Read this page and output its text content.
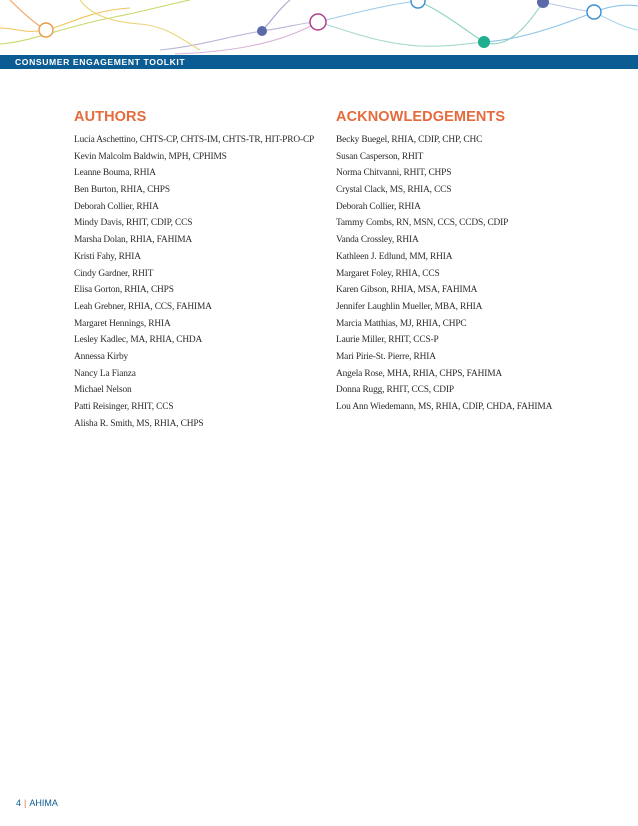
CONSUMER ENGAGEMENT TOOLKIT
AUTHORS
Lucia Aschettino, CHTS-CP, CHTS-IM, CHTS-TR, HIT-PRO-CP
Kevin Malcolm Baldwin, MPH, CPHIMS
Leanne Bouma, RHIA
Ben Burton, RHIA, CHPS
Deborah Collier, RHIA
Mindy Davis, RHIT, CDIP, CCS
Marsha Dolan, RHIA, FAHIMA
Kristi Fahy, RHIA
Cindy Gardner, RHIT
Elisa Gorton, RHIA, CHPS
Leah Grebner, RHIA, CCS, FAHIMA
Margaret Hennings, RHIA
Lesley Kadlec, MA, RHIA, CHDA
Annessa Kirby
Nancy La Fianza
Michael Nelson
Patti Reisinger, RHIT, CCS
Alisha R. Smith, MS, RHIA, CHPS
ACKNOWLEDGEMENTS
Becky Buegel, RHIA, CDIP, CHP, CHC
Susan Casperson, RHIT
Norma Chitvanni, RHIT, CHPS
Crystal Clack, MS, RHIA, CCS
Deborah Collier, RHIA
Tammy Combs, RN, MSN, CCS, CCDS, CDIP
Vanda Crossley, RHIA
Kathleen J. Edlund, MM, RHIA
Margaret Foley, RHIA, CCS
Karen Gibson, RHIA, MSA, FAHIMA
Jennifer Laughlin Mueller, MBA, RHIA
Marcia Matthias, MJ, RHIA, CHPC
Laurie Miller, RHIT, CCS-P
Mari Pirie-St. Pierre, RHIA
Angela Rose, MHA, RHIA, CHPS, FAHIMA
Donna Rugg, RHIT, CCS, CDIP
Lou Ann Wiedemann, MS, RHIA, CDIP, CHDA, FAHIMA
4 | AHIMA
